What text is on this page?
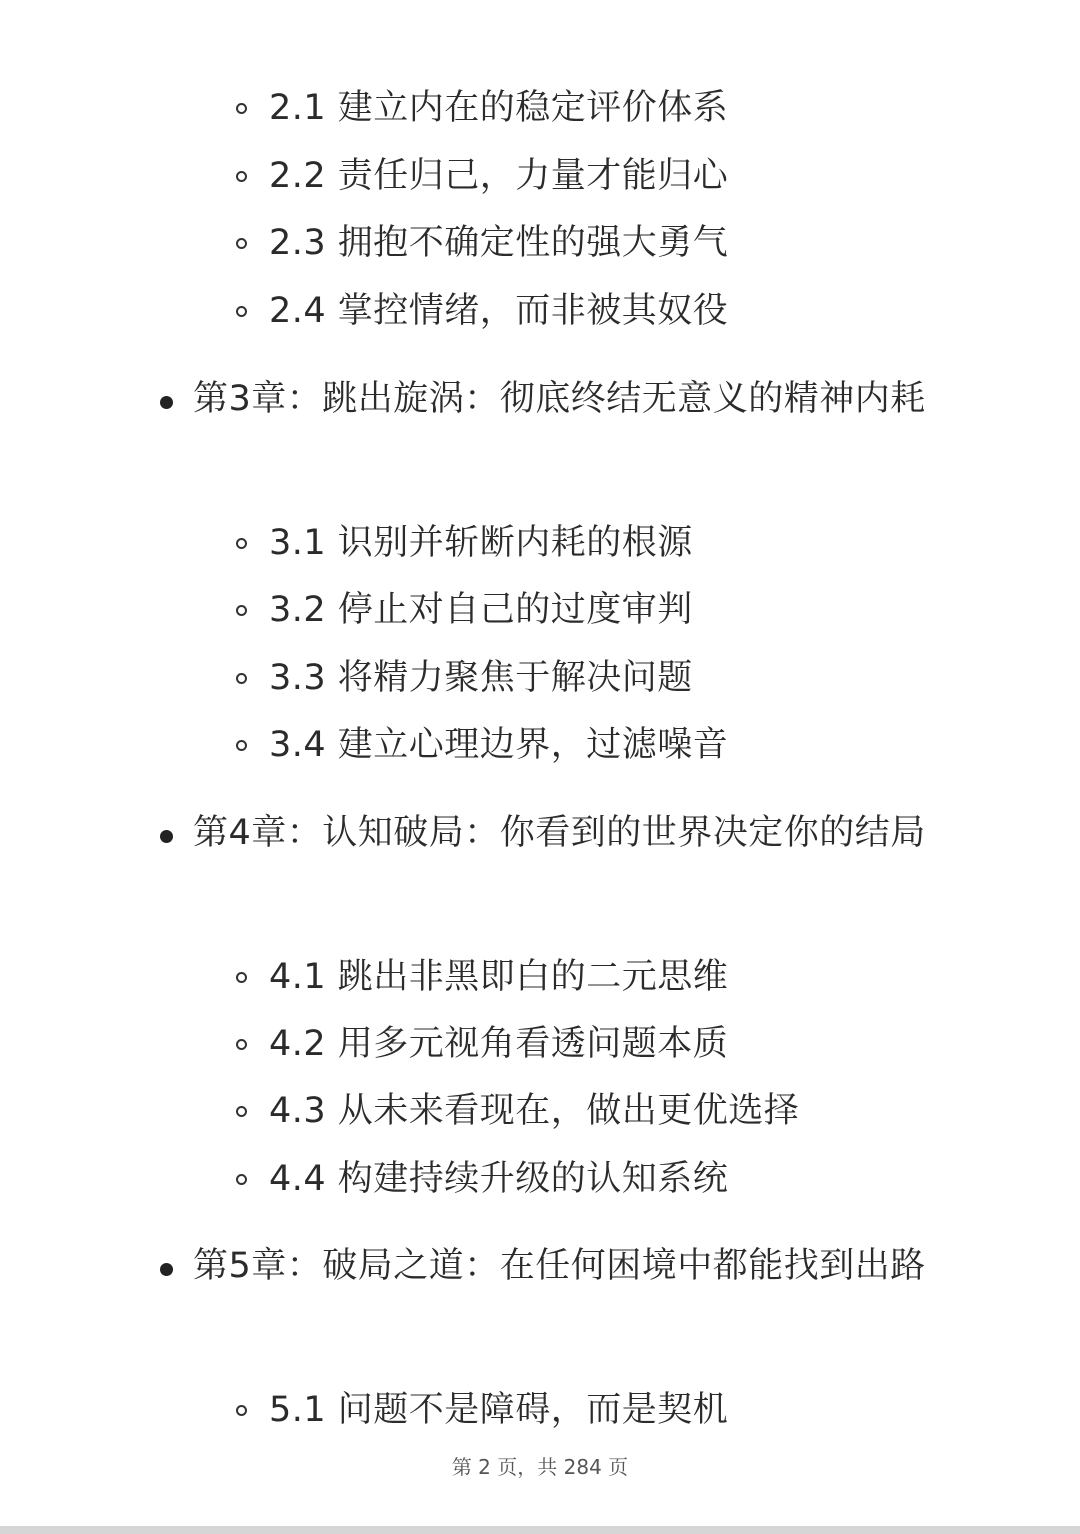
2.1 建立内在的稳定评价体系
2.2 责任归己，力量才能归心
2.3 拥抱不确定性的强大勇气
2.4 掌控情绪，而非被其奴役
第3章：跳出旋涡：彻底终结无意义的精神内耗
3.1 识别并斩断内耗的根源
3.2 停止对自己的过度审判
3.3 将精力聚焦于解决问题
3.4 建立心理边界，过滤噪音
第4章：认知破局：你看到的世界决定你的结局
4.1 跳出非黑即白的二元思维
4.2 用多元视角看透问题本质
4.3 从未来看现在，做出更优选择
4.4 构建持续升级的认知系统
第5章：破局之道：在任何困境中都能找到出路
5.1 问题不是障碍，而是契机
第 2 页，共 284 页
